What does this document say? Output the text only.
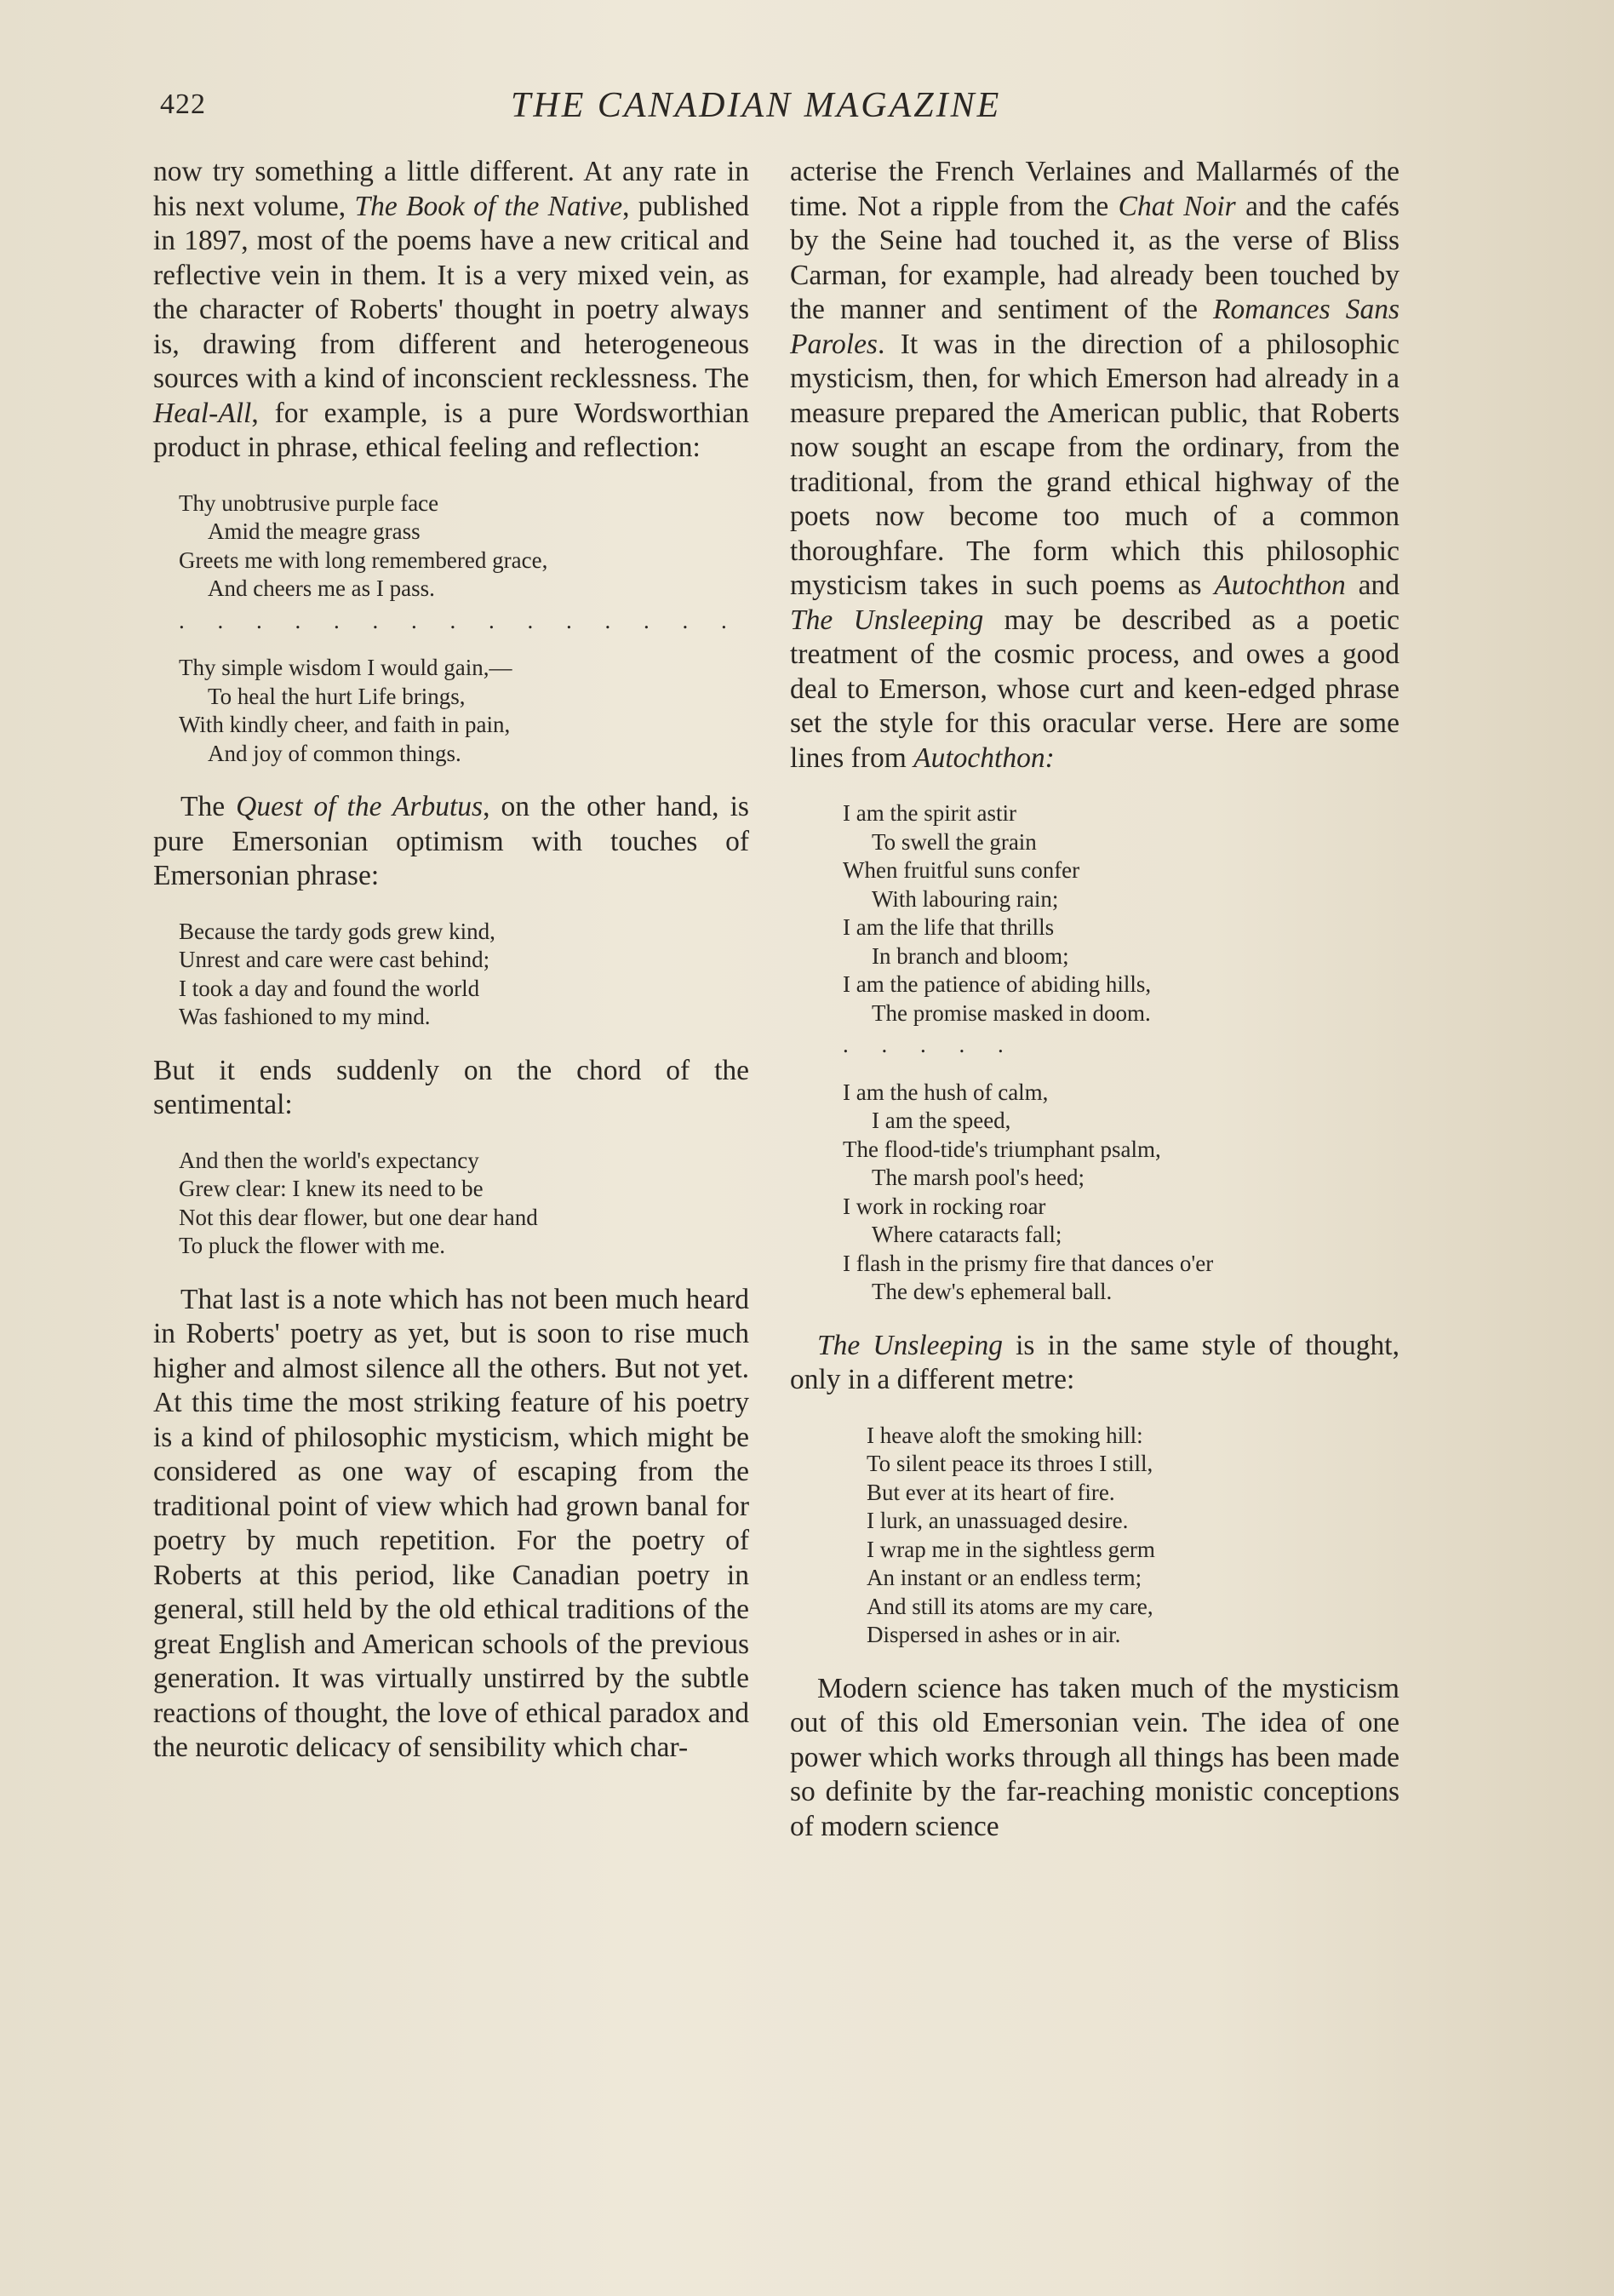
422	THE CANADIAN MAGAZINE

now try something a little different. At any rate in his next volume, The Book of the Native, published in 1897, most of the poems have a new critical and reflective vein in them. It is a very mixed vein, as the character of Roberts' thought in poetry always is, drawing from different and heterogeneous sources with a kind of inconscient recklessness. The Heal-All, for example, is a pure Wordsworthian product in phrase, ethical feeling and reflection:

Thy unobtrusive purple face
Amid the meagre grass
Greets me with long remembered grace,
And cheers me as I pass.
. . . . . . . . . . . . . . .
Thy simple wisdom I would gain,—
To heal the hurt Life brings,
With kindly cheer, and faith in pain,
And joy of common things.

The Quest of the Arbutus, on the other hand, is pure Emersonian optimism with touches of Emersonian phrase:

Because the tardy gods grew kind,
Unrest and care were cast behind;
I took a day and found the world
Was fashioned to my mind.

But it ends suddenly on the chord of the sentimental:

And then the world's expectancy
Grew clear: I knew its need to be
Not this dear flower, but one dear hand
To pluck the flower with me.

That last is a note which has not been much heard in Roberts' poetry as yet, but is soon to rise much higher and almost silence all the others. But not yet. At this time the most striking feature of his poetry is a kind of philosophic mysticism, which might be considered as one way of escaping from the traditional point of view which had grown banal for poetry by much repetition. For the poetry of Roberts at this period, like Canadian poetry in general, still held by the old ethical traditions of the great English and American schools of the previous generation. It was virtually unstirred by the subtle reactions of thought, the love of ethical paradox and the neurotic delicacy of sensibility which char-

acterise the French Verlaines and Mallarmés of the time. Not a ripple from the Chat Noir and the cafés by the Seine had touched it, as the verse of Bliss Carman, for example, had already been touched by the manner and sentiment of the Romances Sans Paroles. It was in the direction of a philosophic mysticism, then, for which Emerson had already in a measure prepared the American public, that Roberts now sought an escape from the ordinary, from the traditional, from the grand ethical highway of the poets now become too much of a common thoroughfare. The form which this philosophic mysticism takes in such poems as Autochthon and The Unsleeping may be described as a poetic treatment of the cosmic process, and owes a good deal to Emerson, whose curt and keen-edged phrase set the style for this oracular verse. Here are some lines from Autochthon:

I am the spirit astir
To swell the grain
When fruitful suns confer
With labouring rain;
I am the life that thrills
In branch and bloom;
I am the patience of abiding hills,
The promise masked in doom.
. . . . .
I am the hush of calm,
I am the speed,
The flood-tide's triumphant psalm,
The marsh pool's heed;
I work in rocking roar
Where cataracts fall;
I flash in the prismy fire that dances o'er
The dew's ephemeral ball.

The Unsleeping is in the same style of thought, only in a different metre:

I heave aloft the smoking hill:
To silent peace its throes I still,
But ever at its heart of fire.
I lurk, an unassuaged desire.
I wrap me in the sightless germ
An instant or an endless term;
And still its atoms are my care,
Dispersed in ashes or in air.

Modern science has taken much of the mysticism out of this old Emersonian vein. The idea of one power which works through all things has been made so definite by the far-reaching monistic conceptions of modern science
